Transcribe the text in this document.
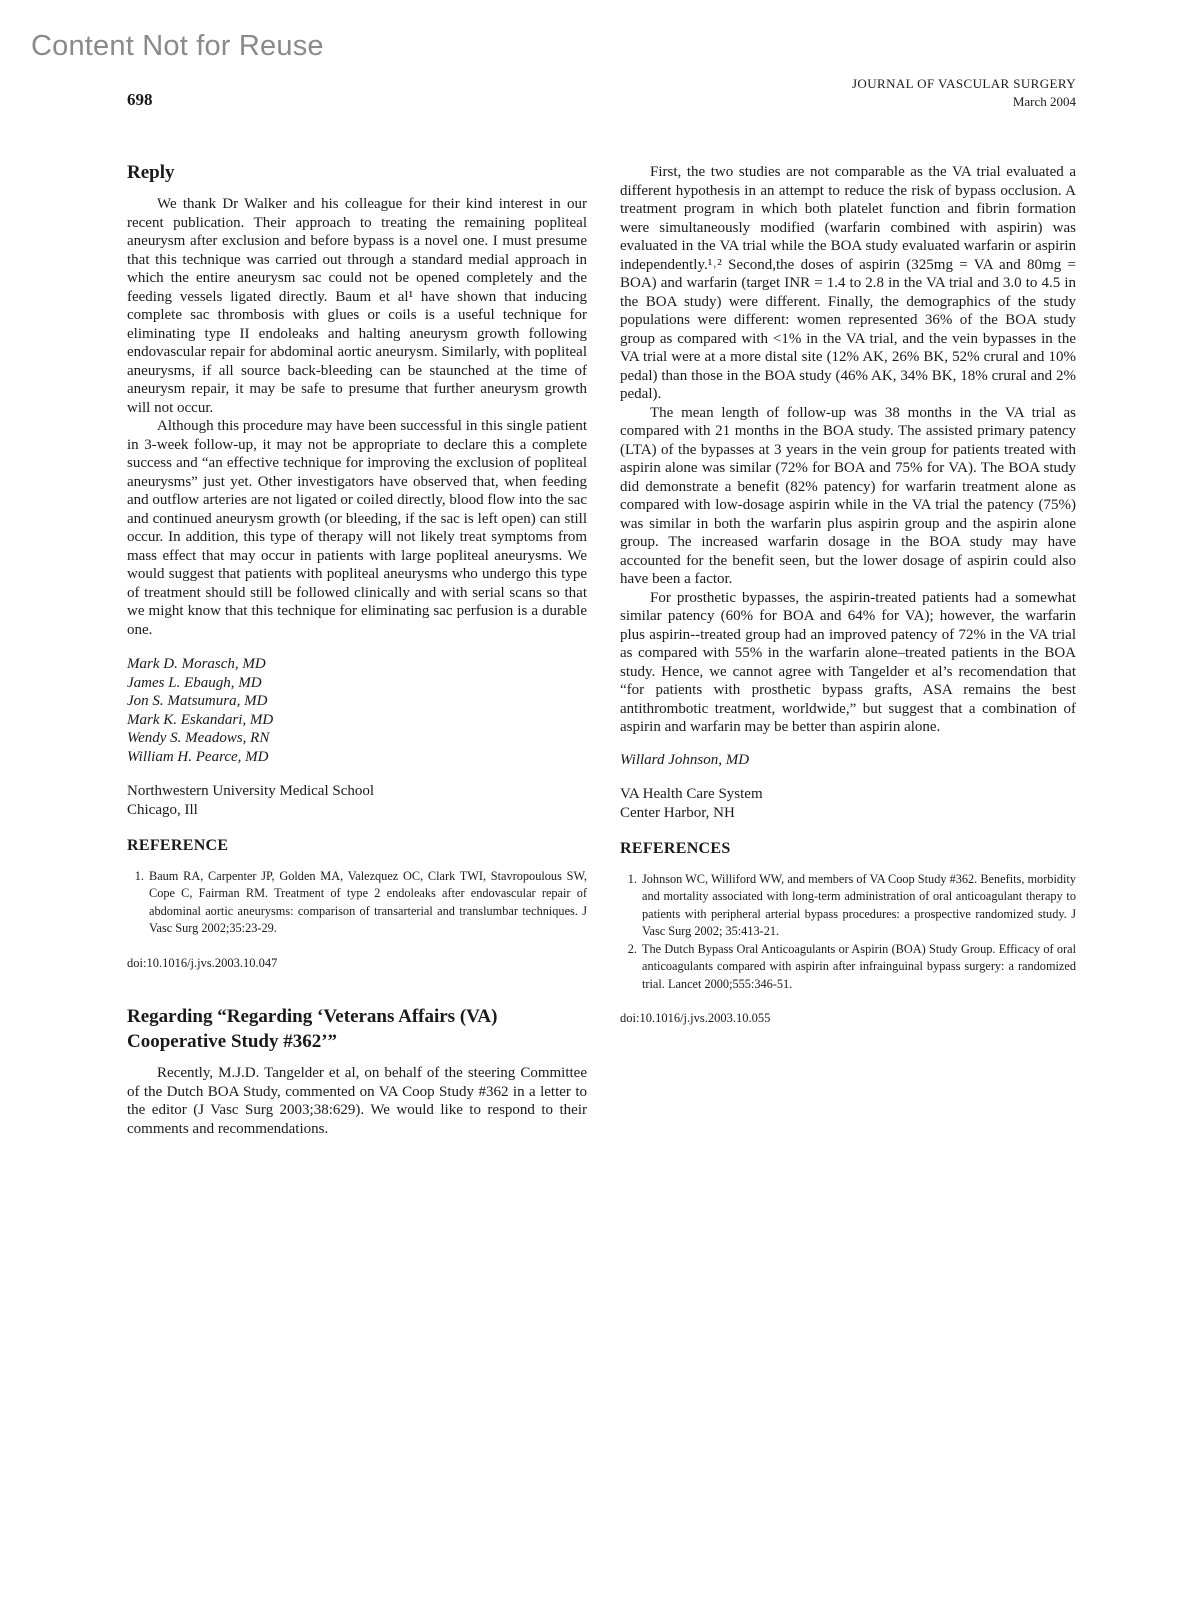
Content Not for Reuse
698
JOURNAL OF VASCULAR SURGERY
March 2004
Reply

We thank Dr Walker and his colleague for their kind interest in our recent publication. Their approach to treating the remaining popliteal aneurysm after exclusion and before bypass is a novel one. I must presume that this technique was carried out through a standard medial approach in which the entire aneurysm sac could not be opened completely and the feeding vessels ligated directly. Baum et al¹ have shown that inducing complete sac thrombosis with glues or coils is a useful technique for eliminating type II endoleaks and halting aneurysm growth following endovascular repair for abdominal aortic aneurysm. Similarly, with popliteal aneurysms, if all source back-bleeding can be staunched at the time of aneurysm repair, it may be safe to presume that further aneurysm growth will not occur.

Although this procedure may have been successful in this single patient in 3-week follow-up, it may not be appropriate to declare this a complete success and “an effective technique for improving the exclusion of popliteal aneurysms” just yet. Other investigators have observed that, when feeding and outflow arteries are not ligated or coiled directly, blood flow into the sac and continued aneurysm growth (or bleeding, if the sac is left open) can still occur. In addition, this type of therapy will not likely treat symptoms from mass effect that may occur in patients with large popliteal aneurysms. We would suggest that patients with popliteal aneurysms who undergo this type of treatment should still be followed clinically and with serial scans so that we might know that this technique for eliminating sac perfusion is a durable one.

Mark D. Morasch, MD
James L. Ebaugh, MD
Jon S. Matsumura, MD
Mark K. Eskandari, MD
Wendy S. Meadows, RN
William H. Pearce, MD
Northwestern University Medical School
Chicago, Ill
REFERENCE
1. Baum RA, Carpenter JP, Golden MA, Valezquez OC, Clark TWI, Stavropoulous SW, Cope C, Fairman RM. Treatment of type 2 endoleaks after endovascular repair of abdominal aortic aneurysms: comparison of transarterial and translumbar techniques. J Vasc Surg 2002;35:23-29.
doi:10.1016/j.jvs.2003.10.047
Regarding “Regarding ‘Veterans Affairs (VA) Cooperative Study #362’”

Recently, M.J.D. Tangelder et al, on behalf of the steering Committee of the Dutch BOA Study, commented on VA Coop Study #362 in a letter to the editor (J Vasc Surg 2003;38:629). We would like to respond to their comments and recommendations.

First, the two studies are not comparable as the VA trial evaluated a different hypothesis in an attempt to reduce the risk of bypass occlusion. A treatment program in which both platelet function and fibrin formation were simultaneously modified (warfarin combined with aspirin) was evaluated in the VA trial while the BOA study evaluated warfarin or aspirin independently.¹˒² Second,the doses of aspirin (325mg = VA and 80mg = BOA) and warfarin (target INR = 1.4 to 2.8 in the VA trial and 3.0 to 4.5 in the BOA study) were different. Finally, the demographics of the study populations were different: women represented 36% of the BOA study group as compared with <1% in the VA trial, and the vein bypasses in the VA trial were at a more distal site (12% AK, 26% BK, 52% crural and 10% pedal) than those in the BOA study (46% AK, 34% BK, 18% crural and 2% pedal).

The mean length of follow-up was 38 months in the VA trial as compared with 21 months in the BOA study. The assisted primary patency (LTA) of the bypasses at 3 years in the vein group for patients treated with aspirin alone was similar (72% for BOA and 75% for VA). The BOA study did demonstrate a benefit (82% patency) for warfarin treatment alone as compared with low-dosage aspirin while in the VA trial the patency (75%) was similar in both the warfarin plus aspirin group and the aspirin alone group. The increased warfarin dosage in the BOA study may have accounted for the benefit seen, but the lower dosage of aspirin could also have been a factor.

For prosthetic bypasses, the aspirin-treated patients had a somewhat similar patency (60% for BOA and 64% for VA); however, the warfarin plus aspirin--treated group had an improved patency of 72% in the VA trial as compared with 55% in the warfarin alone–treated patients in the BOA study. Hence, we cannot agree with Tangelder et al’s recomendation that “for patients with prosthetic bypass grafts, ASA remains the best antithrombotic treatment, worldwide,” but suggest that a combination of aspirin and warfarin may be better than aspirin alone.

Willard Johnson, MD
VA Health Care System
Center Harbor, NH
REFERENCES
1. Johnson WC, Williford WW, and members of VA Coop Study #362. Benefits, morbidity and mortality associated with long-term administration of oral anticoagulant therapy to patients with peripheral arterial bypass procedures: a prospective randomized study. J Vasc Surg 2002; 35:413-21.
2. The Dutch Bypass Oral Anticoagulants or Aspirin (BOA) Study Group. Efficacy of oral anticoagulants compared with aspirin after infrainguinal bypass surgery: a randomized trial. Lancet 2000;555:346-51.
doi:10.1016/j.jvs.2003.10.055
